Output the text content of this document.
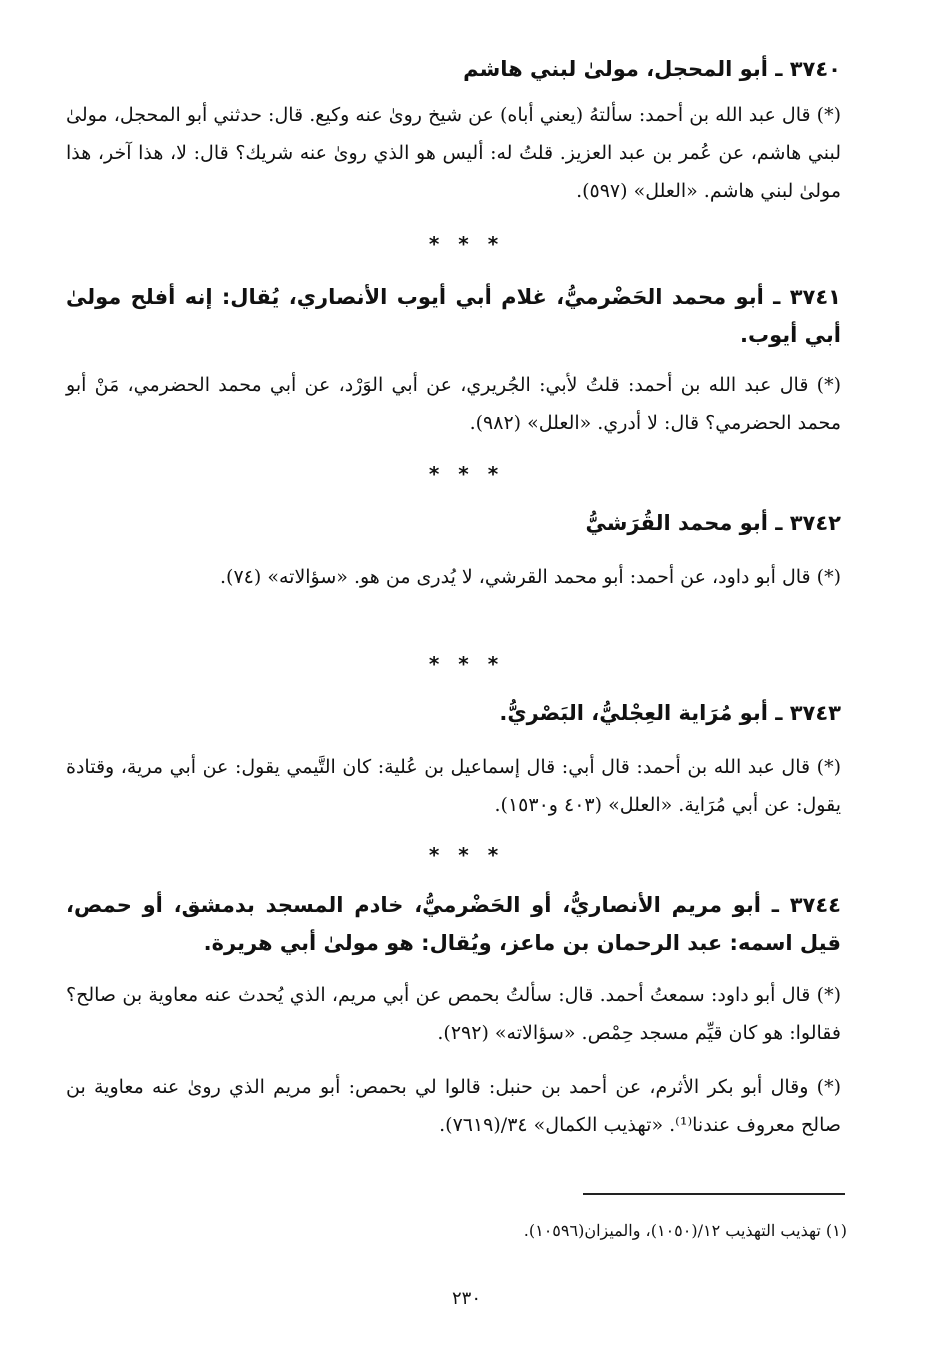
٣٧٤٠ ـ أبو المحجل، مولىٰ لبني هاشم
(*) قال عبد الله بن أحمد: سألتهُ (يعني أباه) عن شيخ روىٰ عنه وكيع. قال: حدثني أبو المحجل، مولىٰ لبني هاشم، عن عُمر بن عبد العزيز. قلتُ له: أليس هو الذي روىٰ عنه شريك؟ قال: لا، هذا آخر، هذا مولىٰ لبني هاشم. «العلل» (٥٩٧).
* * *
٣٧٤١ ـ أبو محمد الحَضْرميُّ، غلام أبي أيوب الأنصاري، يُقال: إنه أفلح مولىٰ أبي أيوب.
(*) قال عبد الله بن أحمد: قلتُ لأبي: الجُريري، عن أبي الوَرْد، عن أبي محمد الحضرمي، مَنْ أبو محمد الحضرمي؟ قال: لا أدري. «العلل» (٩٨٢).
* * *
٣٧٤٢ ـ أبو محمد القُرَشيُّ
(*) قال أبو داود، عن أحمد: أبو محمد القرشي، لا يُدرى من هو. «سؤالاته» (٧٤).
* * *
٣٧٤٣ ـ أبو مُرَاية العِجْليُّ، البَصْريُّ.
(*) قال عبد الله بن أحمد: قال أبي: قال إسماعيل بن عُلية: كان التَّيمي يقول: عن أبي مرية، وقتادة يقول: عن أبي مُرَاية. «العلل» (٤٠٣ و١٥٣٠).
* * *
٣٧٤٤ ـ أبو مريم الأنصاريُّ، أو الحَضْرميُّ، خادم المسجد بدمشق، أو حمص، قيل اسمه: عبد الرحمان بن ماعز، ويُقال: هو مولىٰ أبي هريرة.
(*) قال أبو داود: سمعتُ أحمد. قال: سألتُ بحمص عن أبي مريم، الذي يُحدث عنه معاوية بن صالح؟ فقالوا: هو كان قيِّم مسجد حِمْص. «سؤالاته» (٢٩٢).
(*) وقال أبو بكر الأثرم، عن أحمد بن حنبل: قالوا لي بحمص: أبو مريم الذي روىٰ عنه معاوية بن صالح معروف عندنا⁽¹⁾. «تهذيب الكمال» ٣٤/(٧٦١٩).
(١) تهذيب التهذيب ١٢/(١٠٥٠)، والميزان(١٠٥٩٦).
٢٣٠
